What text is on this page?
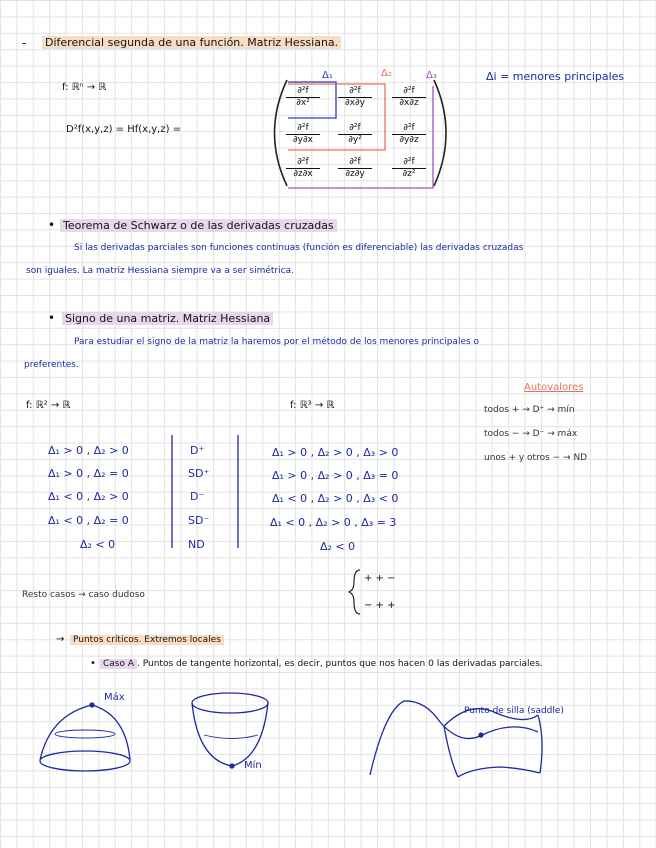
- Diferencial segunda de una función. Matriz Hessiana.
f: ℝⁿ → ℝ
D²f(x,y,z) = Hf(x,y,z) =
Δ₁	Δ₂	Δ₃	Δi = menores principales
$\frac{\text{∂²f}}{\text{∂x²}} \frac{\text{∂²f}}{\partial x\partial y} \frac{\text{∂²f}}{\partial x\partial z}$
$\frac{\text{∂²f}}{\partial y\partial x} \frac{\text{∂²f}}{\text{∂y²}} \frac{\text{∂²f}}{\partial y\partial z}$
$\frac{\text{∂²f}}{\partial z\partial x} \frac{\text{∂²f}}{\partial z\partial y} \frac{\text{∂²f}}{\text{∂z²}}$
• Teorema de Schwarz o de las derivadas cruzadas
Si las derivadas parciales son funciones continuas (función es diferenciable) las derivadas cruzadas
son iguales. La matriz Hessiana siempre va a ser simétrica.
• Signo de una matriz. Matriz Hessiana
Para estudiar el signo de la matriz la haremos por el método de los menores principales o
preferentes.
f: ℝ² → ℝ
Δ₁ > 0 , Δ₂ > 0	D⁺
Δ₁ > 0 , Δ₂ = 0	SD⁺
Δ₁ < 0 , Δ₂ > 0	D⁻
Δ₁ < 0 , Δ₂ = 0	SD⁻
Δ₂ < 0	ND
f: ℝ³ → ℝ
Δ₁ > 0 , Δ₂ > 0 , Δ₃ > 0
Δ₁ > 0 , Δ₂ > 0 , Δ₃ = 0
Δ₁ < 0 , Δ₂ > 0 , Δ₃ < 0
Δ₁ < 0 , Δ₂ > 0 , Δ₃ = 3
Δ₂ < 0
Autovalores
todos + → D⁺ → mín
todos − → D⁻ → máx
unos + y otros − → ND
Resto casos → caso dudoso
+ + −
− + +
→ Puntos críticos. Extremos locales
• Caso A . Puntos de tangente horizontal, es decir, puntos que nos hacen 0 las derivadas parciales.
Máx
Mín
Punto de silla (saddle)
